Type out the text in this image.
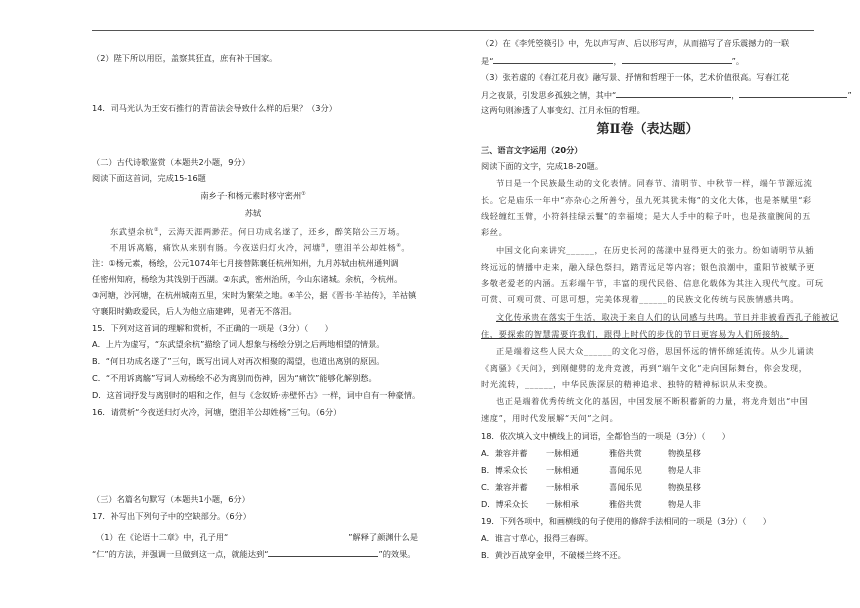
（2）陛下所以用臣，盖察其狂直，庶有补于国家。
14．司马光认为王安石推行的青苗法会导致什么样的后果？（3分）
（二）古代诗歌鉴赏（本题共2小题，9分）
阅读下面这首词，完成15-16题
南乡子·和杨元素时移守密州①
苏轼
东武望余杭②，云海天涯两渺茫。何日功成名遂了，还乡，醉笑陪公三万场。
不用诉离觞，痛饮从来别有肠。今夜送归灯火冷，河塘③，堕泪羊公却姓杨④。
注：①杨元素，杨绘，公元1074年七月接替陈襄任杭州知州，九月苏轼由杭州通判调
任密州知府，杨绘为其饯别于西湖。②东武，密州治所，今山东诸城。余杭，今杭州。
③河塘，沙河塘，在杭州城南五里，宋时为繁荣之地。④羊公，据《晋书·羊祜传》，羊祜镇
守襄阳时勤政爱民，后人为他立庙建碑，见者无不落泪。
15．下列对这首词的理解和赏析，不正确的一项是（3分）（　　）
A．上片为虚写，“东武望余杭”描绘了词人想象与杨绘分别之后两地相望的情景。
B．“何日功成名遂了”三句，既写出词人对再次相聚的渴望，也道出离别的原因。
C．“不用诉离觞”写词人劝杨绘不必为离别而伤神，因为“痛饮”能够化解别愁。
D．这首词抒发与离别时的唱和之作，但与《念奴娇·赤壁怀古》一样，词中自有一种豪情。
16．请赏析“今夜送归灯火冷，河塘，堕泪羊公却姓杨”三句。（6分）
（三）名篇名句默写（本题共1小题，6分）
17．补写出下列句子中的空缺部分。（6分）
（1）在《论语十二章》中，孔子用“	”解释了颜渊什么是
“仁”的方法，并强调一旦做到这一点，就能达到“	”的效果。
（2）在《李凭箜篌引》中，先以声写声、后以形写声，从而描写了音乐震撼力的一联
是“	，	”。
（3）张若虚的《春江花月夜》融写景、抒情和哲理于一体，艺术价值很高。写春江花
月之夜景，引发思乡孤独之情，其中“	，	”
这两句则渗透了人事变幻、江月永恒的哲理。
第Ⅱ卷（表达题）
三、语言文字运用（20分）
阅读下面的文字，完成18-20题。
节日是一个民族最生动的文化表情。同春节、清明节、中秋节一样，端午节源远流
长。它是庙乐一年中“亦杂心之所善兮，虽九死其犹未悔”的文化大体，也是茶赋里“彩
线轻缠红玉臂，小符斜挂绿云鬟”的幸福境；是大人手中的粽子叶，也是孩童腕间的五
彩丝。
中国文化向来讲究______，在历史长河的荡漾中显得更大的张力。纷如请明节从插
终远远的情播中走来，融入绿色祭扫，踏青远足等内容；银色浪潮中，重阳节被赋予更
多敬老爱老的内涵。五彩端午节，丰富的现代民俗、信息化载体为其注入现代气度。可玩
可赏、可观可赏、可思可想，完美体现着______的民族文化传统与民族情感共鸣。
文化传承贵在落实于生活，取决于来自人们的认同感与共鸣。节日并非被看西孔子能被记
住，要探索的智慧需要许我们，跟得上时代的步伐的节日更容易为人们所接纳。
正是端着这些人民大众______的文化习俗，思国怀远的情怀绵延流传。从少儿诵读
《离骚》《天问》，到刚健劈的龙舟竞渡，再到“端午文化”走向国际舞台，你会发现，
时光流转，______，中华民族深层的精神追求、独特的精神标识从未变换。
也正是端着优秀传统文化的基因，中国发展不断积蓄新的力量，将龙舟划出“中国
速度”，用时代发展解“天问”之问。
18．依次填入文中横线上的词语，全都恰当的一项是（3分）（　　）
A．兼容并蓄 一脉相通	雅俗共赏	物换星移
B．博采众长 一脉相通	喜闻乐见	物是人非
C．兼容并蓄 一脉相承	喜闻乐见	物换星移
D．博采众长 一脉相承	雅俗共赏	物是人非
19．下列各项中，和画横线的句子使用的修辞手法相同的一项是（3分）（　　）
A．谁言寸草心，报得三春晖。
B．黄沙百战穿金甲，不破楼兰终不还。
